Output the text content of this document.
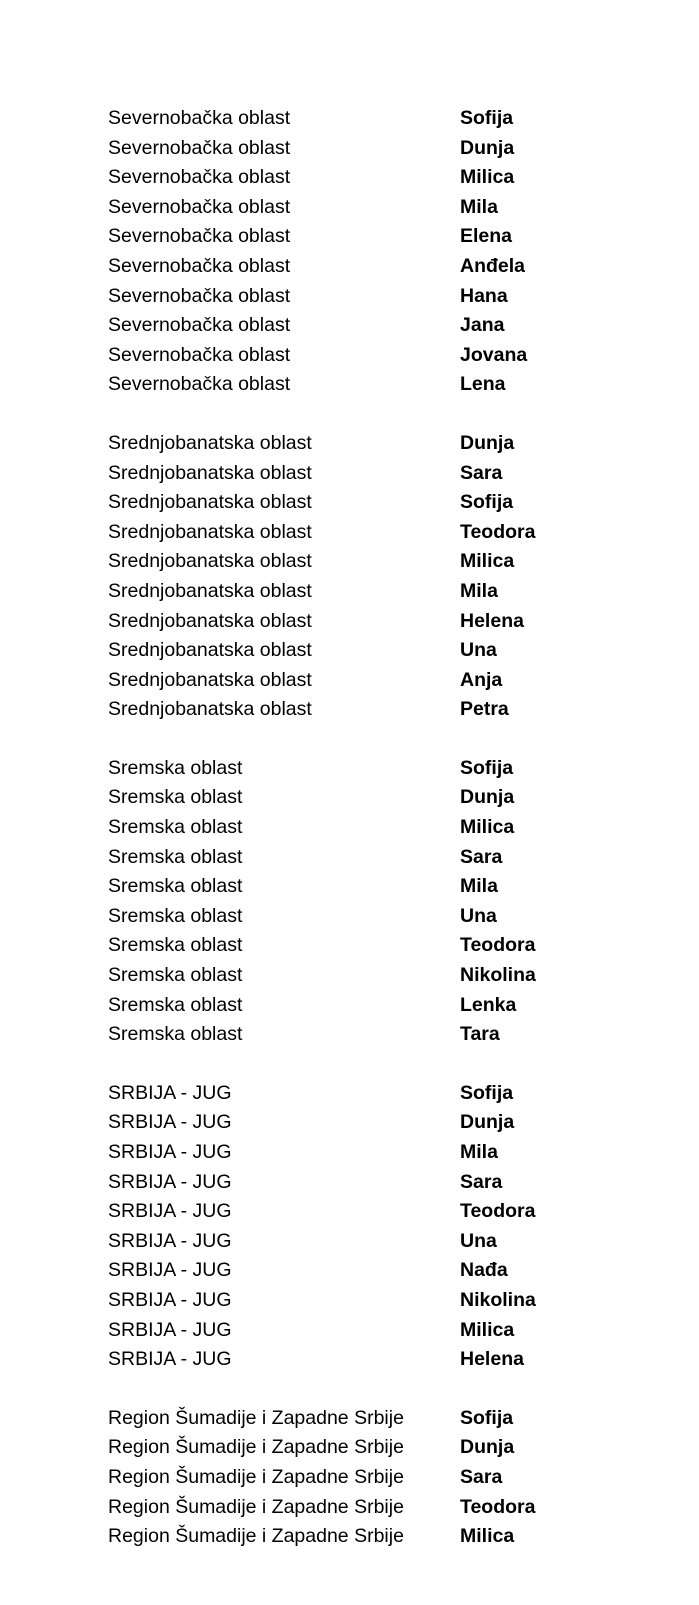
Severnobačka oblast	Sofija
Severnobačka oblast	Dunja
Severnobačka oblast	Milica
Severnobačka oblast	Mila
Severnobačka oblast	Elena
Severnobačka oblast	Anđela
Severnobačka oblast	Hana
Severnobačka oblast	Jana
Severnobačka oblast	Jovana
Severnobačka oblast	Lena
Srednjobanatska oblast	Dunja
Srednjobanatska oblast	Sara
Srednjobanatska oblast	Sofija
Srednjobanatska oblast	Teodora
Srednjobanatska oblast	Milica
Srednjobanatska oblast	Mila
Srednjobanatska oblast	Helena
Srednjobanatska oblast	Una
Srednjobanatska oblast	Anja
Srednjobanatska oblast	Petra
Sremska oblast	Sofija
Sremska oblast	Dunja
Sremska oblast	Milica
Sremska oblast	Sara
Sremska oblast	Mila
Sremska oblast	Una
Sremska oblast	Teodora
Sremska oblast	Nikolina
Sremska oblast	Lenka
Sremska oblast	Tara
SRBIJA - JUG	Sofija
SRBIJA - JUG	Dunja
SRBIJA - JUG	Mila
SRBIJA - JUG	Sara
SRBIJA - JUG	Teodora
SRBIJA - JUG	Una
SRBIJA - JUG	Nađa
SRBIJA - JUG	Nikolina
SRBIJA - JUG	Milica
SRBIJA - JUG	Helena
Region Šumadije i Zapadne Srbije	Sofija
Region Šumadije i Zapadne Srbije	Dunja
Region Šumadije i Zapadne Srbije	Sara
Region Šumadije i Zapadne Srbije	Teodora
Region Šumadije i Zapadne Srbije	Milica
